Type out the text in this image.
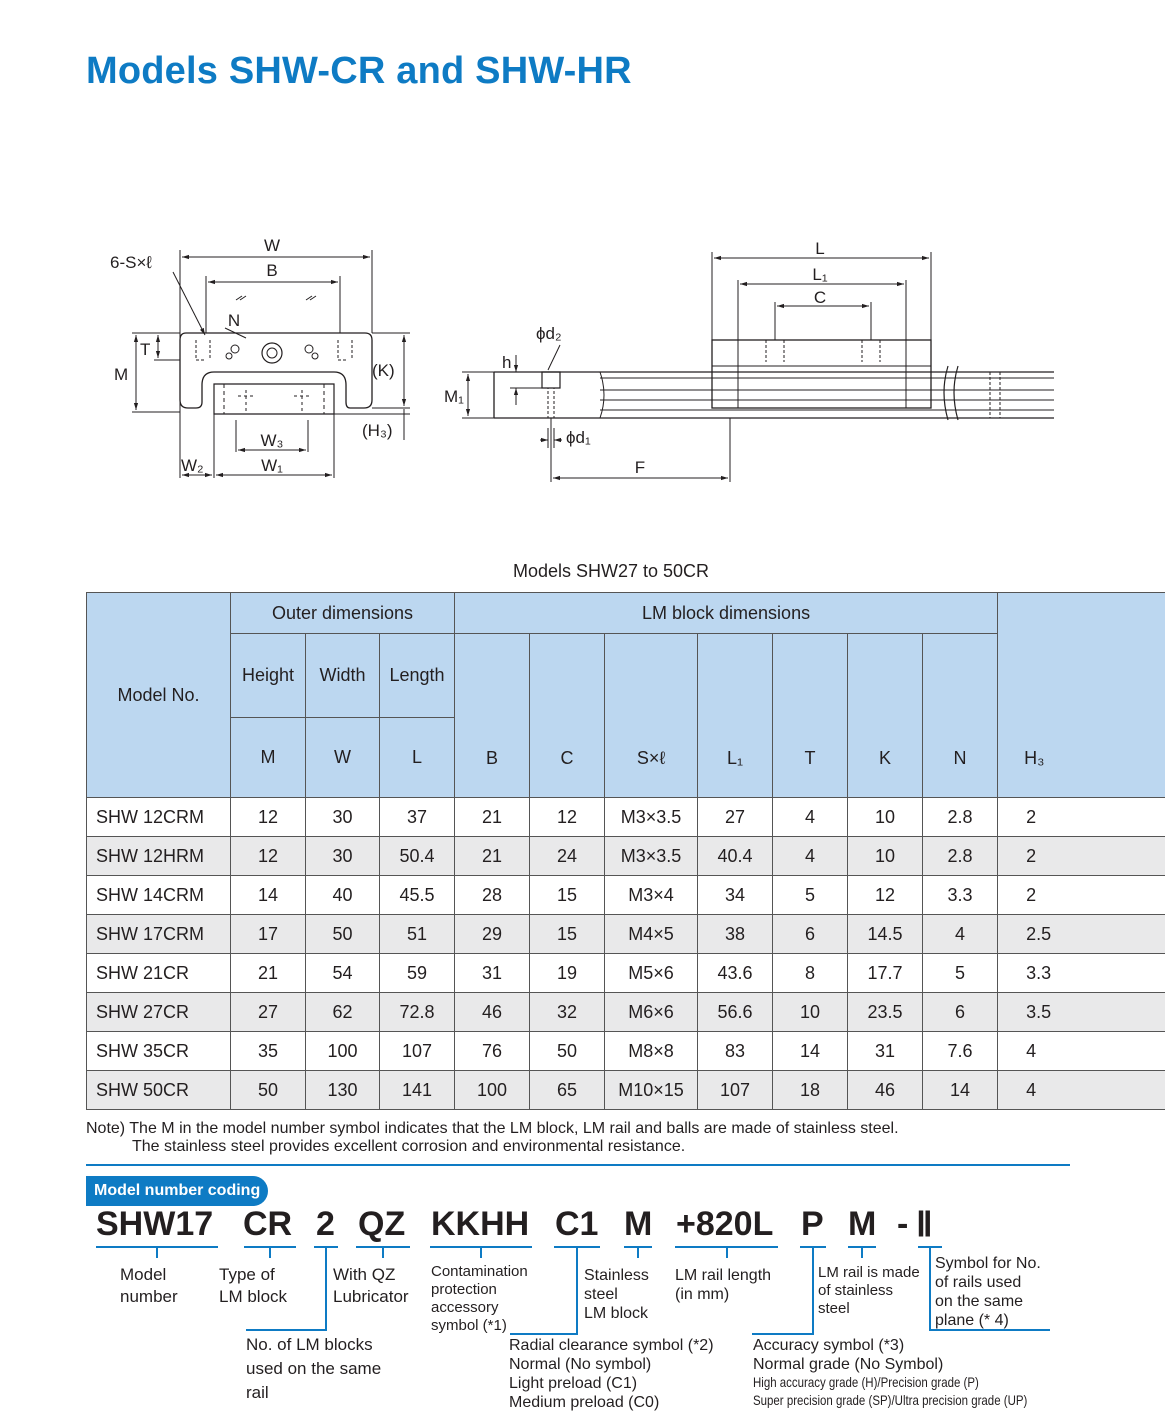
Models SHW-CR and SHW-HR
W
B
N
6-S×ℓ
T
M	(K)
(H₃)
W₃
W₁
W₂
L
L₁
C
ϕd₂
ϕd₁
h
M₁
F
Models SHW27 to 50CR
Model No.	Outer dimensions			LM block dimensions							H₃
	Height	Width	Length	B	C	S×ℓ	L₁	T	K	N	
	M	W	L								
SHW 12CRM	12	30	37	21	12	M3×3.5	27	4	10	2.8	2
SHW 12HRM	12	30	50.4	21	24	M3×3.5	40.4	4	10	2.8	2
SHW 14CRM	14	40	45.5	28	15	M3×4	34	5	12	3.3	2
SHW 17CRM	17	50	51	29	15	M4×5	38	6	14.5	4	2.5
SHW 21CR	21	54	59	31	19	M5×6	43.6	8	17.7	5	3.3
SHW 27CR	27	62	72.8	46	32	M6×6	56.6	10	23.5	6	3.5
SHW 35CR	35	100	107	76	50	M8×8	83	14	31	7.6	4
SHW 50CR	50	130	141	100	65	M10×15	107	18	46	14	4
Note) The M in the model number symbol indicates that the LM block, LM rail and balls are made of stainless steel.
The stainless steel provides excellent corrosion and environmental resistance.
Model number coding
SHW17 CR 2 QZ KKHH C1 M +820L P M - Ⅱ
Model
number
Type of
LM block
With QZ
Lubricator
Contamination
protection
accessory
symbol (*1)
Stainless
steel
LM block
LM rail length
(in mm)
LM rail is made
of stainless
steel
Symbol for No.
of rails used
on the same
plane (* 4)
No. of LM blocks
used on the same
rail
Radial clearance symbol (*2)
Normal (No symbol)
Light preload (C1)
Medium preload (C0)
Accuracy symbol (*3)
Normal grade (No Symbol)
High accuracy grade (H)/Precision grade (P)
Super precision grade (SP)/Ultra precision grade (UP)
